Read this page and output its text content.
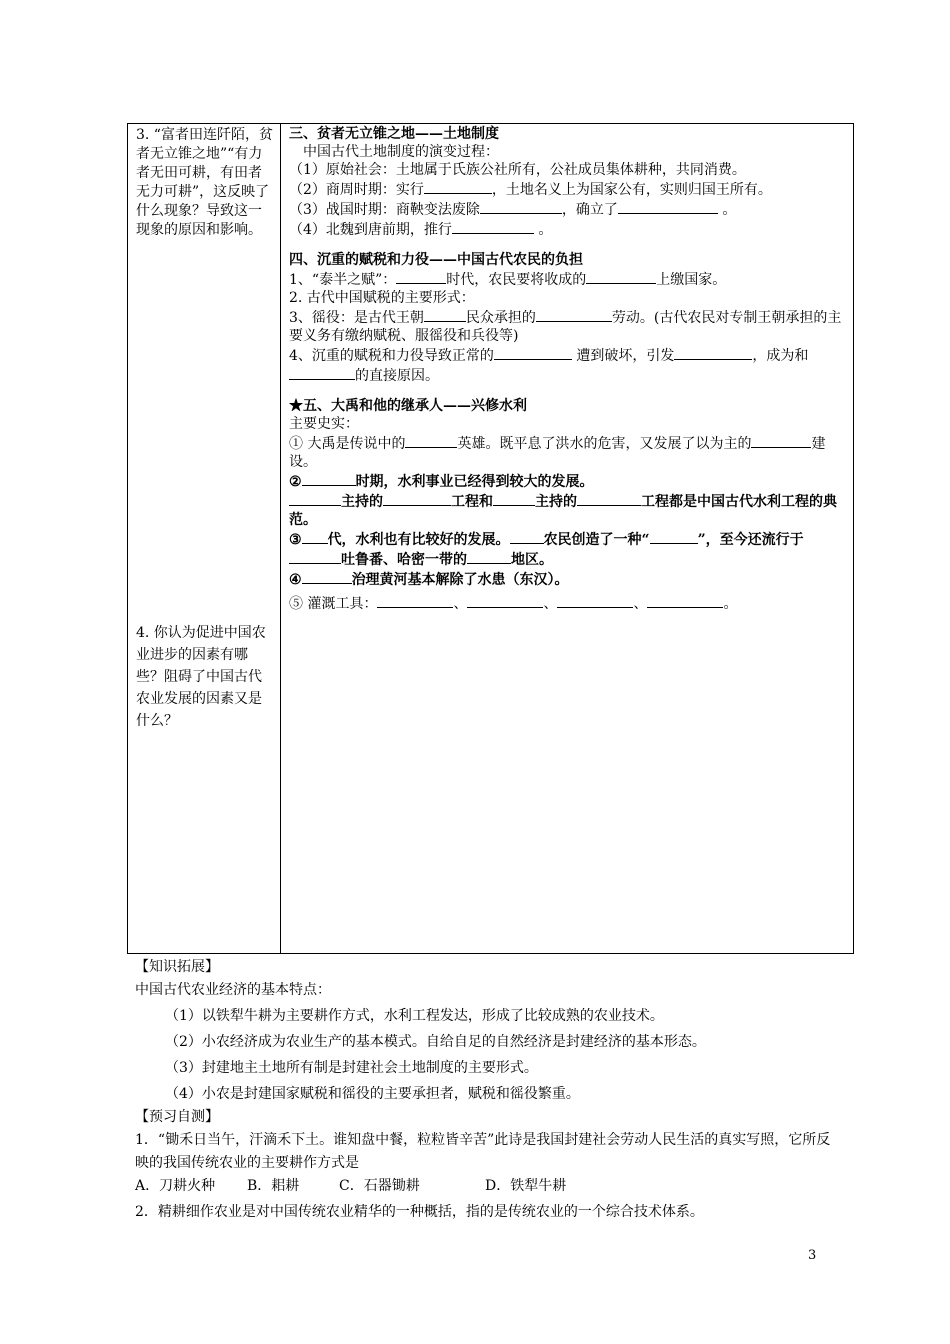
3. “富者田连阡陌，贫者无立锥之地”“有力者无田可耕，有田者无力可耕”，这反映了什么现象？导致这一现象的原因和影响。
4. 你认为促进中国农业进步的因素有哪些？阻碍了中国古代农业发展的因素又是什么？

三、贫者无立锥之地——土地制度

中国古代土地制度的演变过程：

（1）原始社会：土地属于氏族公社所有，公社成员集体耕种，共同消费。

（2）商周时期：实行	，土地名义上为国家公有，实则归国王所有。

（3）战国时期：商鞅变法废除	，确立了	。

（4）北魏到唐前期，推行	。

四、沉重的赋税和力役——中国古代农民的负担

1、“泰半之赋”：	时代，农民要将收成的	上缴国家。

2. 古代中国赋税的主要形式：

3、徭役：是古代王朝	民众承担的	劳动。(古代农民对专制王朝承担的主要义务有缴纳赋税、服徭役和兵役等)

4、沉重的赋税和力役导致正常的	遭到破坏，引发	，成为和的直接原因。

★五、大禹和他的继承人——兴修水利

主要史实：

① 大禹是传说中的	英雄。既平息了洪水的危害，又发展了以为主的	建设。

②	时期，水利事业已经得到较大的发展。

主持的	工程和	主持的	工程都是中国古代水利工程的典范。

③ 代，水利也有比较好的发展。 农民创造了一种“	”，至今还流行于吐鲁番、哈密一带的	地区。

④	治理黄河基本解除了水患（东汉）。

⑤ 灌溉工具：	、	、	、	。

【知识拓展】

中国古代农业经济的基本特点：

（1）以铁犁牛耕为主要耕作方式，水利工程发达，形成了比较成熟的农业技术。

（2）小农经济成为农业生产的基本模式。自给自足的自然经济是封建经济的基本形态。

（3）封建地主土地所有制是封建社会土地制度的主要形式。

（4）小农是封建国家赋税和徭役的主要承担者，赋税和徭役繁重。

【预习自测】

1．“锄禾日当午，汗滴禾下土。谁知盘中餐，粒粒皆辛苦”此诗是我国封建社会劳动人民生活的真实写照，它所反映的我国传统农业的主要耕作方式是

A．刀耕火种 B．耜耕	C．石器锄耕	D．铁犁牛耕

2．精耕细作农业是对中国传统农业精华的一种概括，指的是传统农业的一个综合技术体系。

3
